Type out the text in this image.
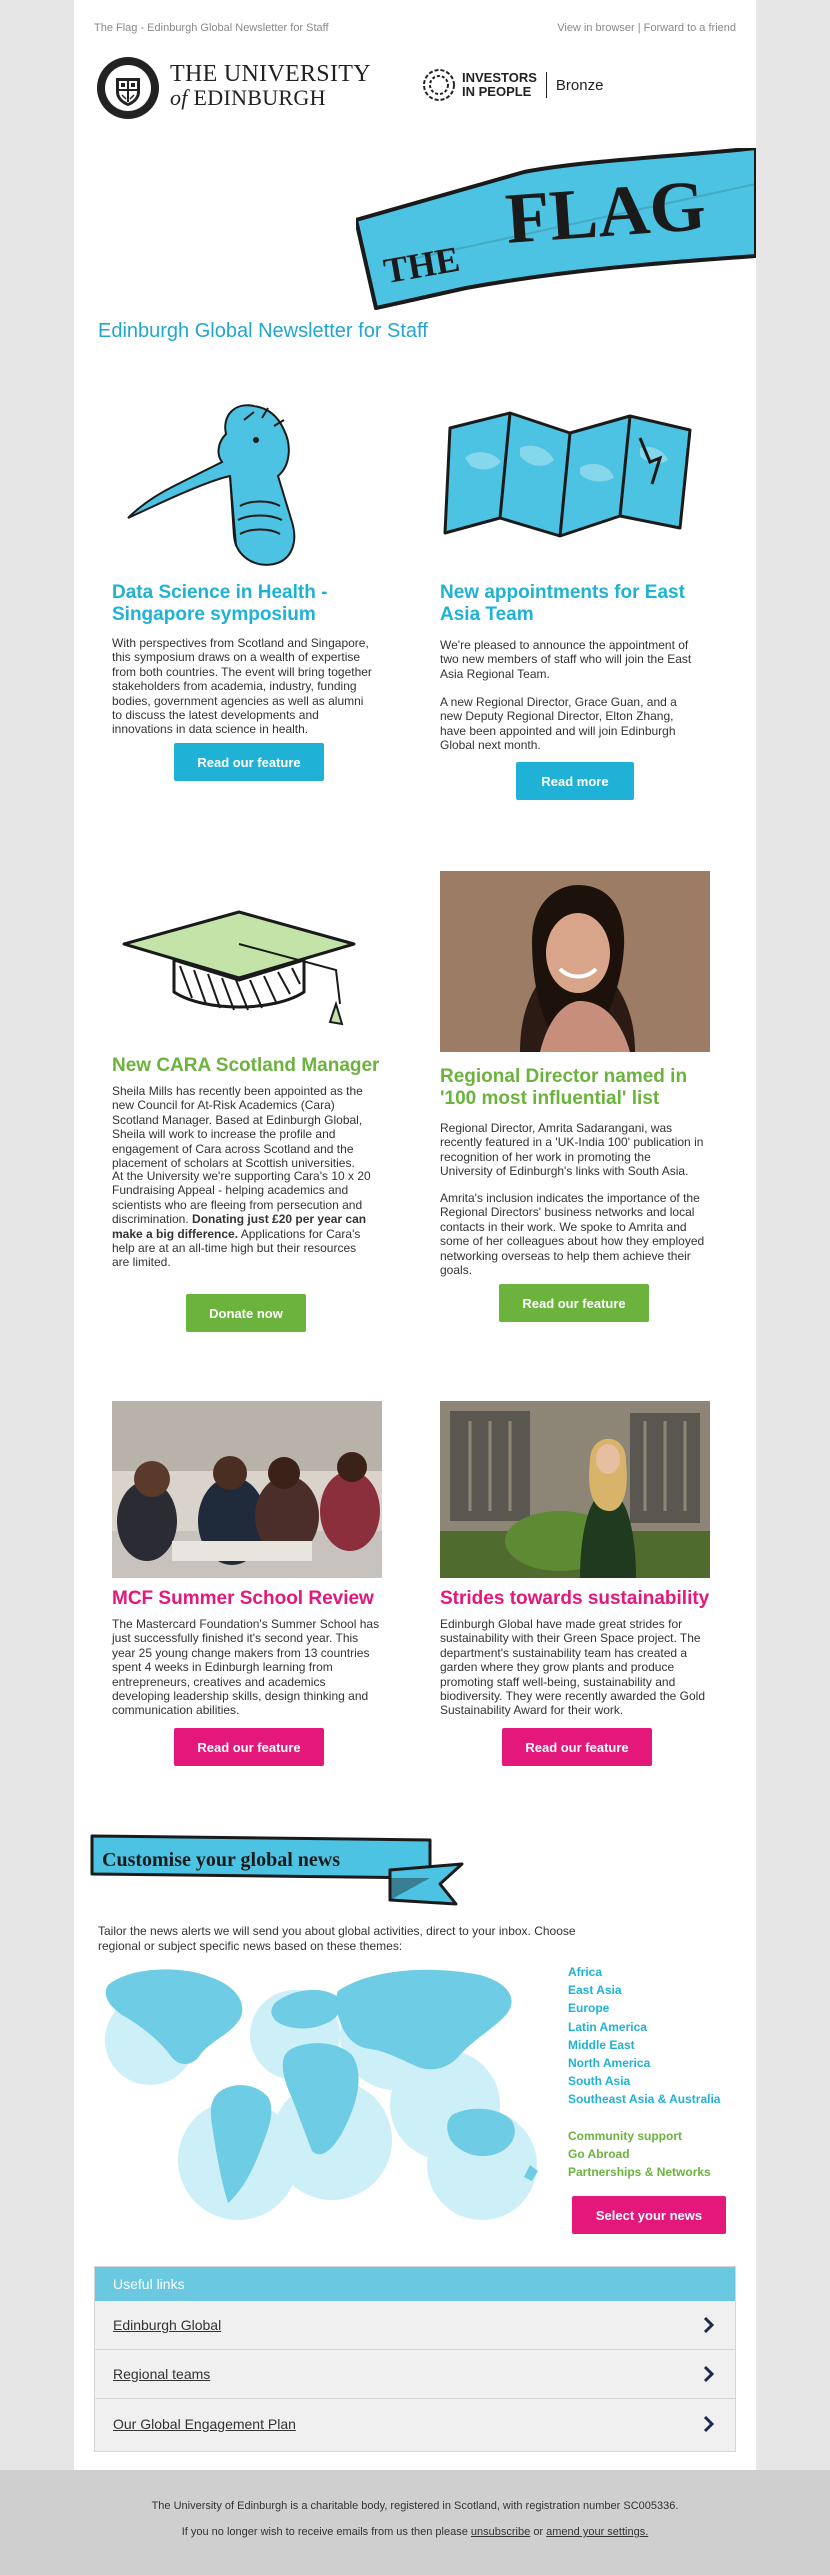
The Flag - Edinburgh Global Newsletter for Staff	View in browser | Forward to a friend
THE UNIVERSITY
of EDINBURGH
INVESTORS
IN PEOPLE	Bronze
THE
FLAG
Edinburgh Global Newsletter for Staff
Data Science in Health - Singapore symposium
With perspectives from Scotland and Singapore, this symposium draws on a wealth of expertise from both countries. The event will bring together stakeholders from academia, industry, funding bodies, government agencies as well as alumni to discuss the latest developments and innovations in data science in health.
Read our feature
New appointments for East Asia Team
We're pleased to announce the appointment of two new members of staff who will join the East Asia Regional Team.
A new Regional Director, Grace Guan, and a new Deputy Regional Director, Elton Zhang, have been appointed and will join Edinburgh Global next month.
Read more
New CARA Scotland Manager
Sheila Mills has recently been appointed as the new Council for At-Risk Academics (Cara) Scotland Manager. Based at Edinburgh Global, Sheila will work to increase the profile and engagement of Cara across Scotland and the placement of scholars at Scottish universities.
At the University we're supporting Cara's 10 x 20 Fundraising Appeal - helping academics and scientists who are fleeing from persecution and discrimination. Donating just £20 per year can make a big difference. Applications for Cara's help are at an all-time high but their resources are limited.
Donate now
Regional Director named in '100 most influential' list
Regional Director, Amrita Sadarangani, was recently featured in a 'UK-India 100' publication in recognition of her work in promoting the University of Edinburgh's links with South Asia.
Amrita's inclusion indicates the importance of the Regional Directors' business networks and local contacts in their work. We spoke to Amrita and some of her colleagues about how they employed networking overseas to help them achieve their goals.
Read our feature
MCF Summer School Review
The Mastercard Foundation's Summer School has just successfully finished it's second year. This year 25 young change makers from 13 countries spent 4 weeks in Edinburgh learning from entrepreneurs, creatives and academics developing leadership skills, design thinking and communication abilities.
Read our feature
Strides towards sustainability
Edinburgh Global have made great strides for sustainability with their Green Space project. The department's sustainability team has created a garden where they grow plants and produce promoting staff well-being, sustainability and biodiversity. They were recently awarded the Gold Sustainability Award for their work.
Read our feature
Customise your global news
Tailor the news alerts we will send you about global activities, direct to your inbox. Choose regional or subject specific news based on these themes:
Africa
East Asia
Europe
Latin America
Middle East
North America
South Asia
Southeast Asia & Australia
Community support
Go Abroad
Partnerships & Networks
Select your news
Useful links
Edinburgh Global
Regional teams
Our Global Engagement Plan
The University of Edinburgh is a charitable body, registered in Scotland, with registration number SC005336.
If you no longer wish to receive emails from us then please unsubscribe or amend your settings.
